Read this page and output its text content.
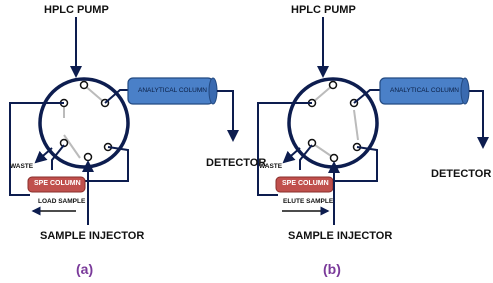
HPLC PUMP
ANALYTICAL COLUMN
DETECTOR
WASTE
SPE COLUMN
LOAD SAMPLE
SAMPLE INJECTOR
(a)
HPLC PUMP
ANALYTICAL COLUMN
DETECTOR
WASTE
SPE COLUMN
ELUTE SAMPLE
SAMPLE INJECTOR
(b)
